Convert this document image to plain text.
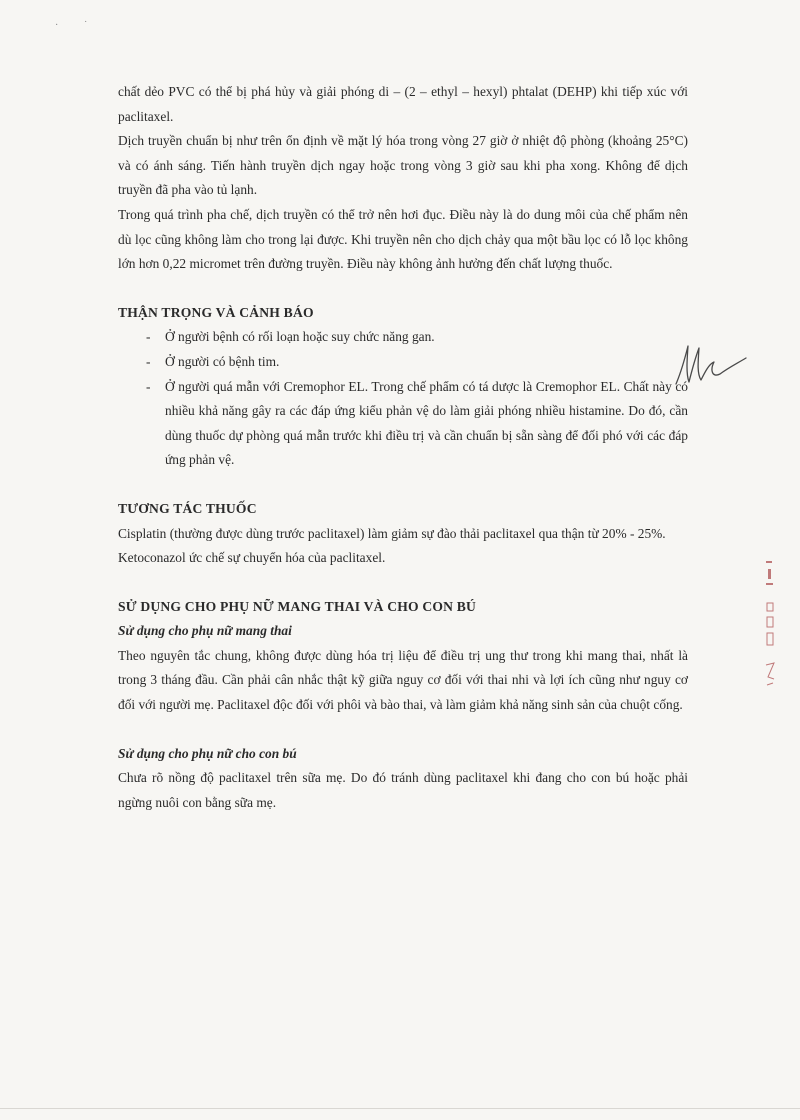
·	˙

chất dẻo PVC có thể bị phá hủy và giải phóng di – (2 – ethyl – hexyl) phtalat (DEHP) khi tiếp xúc với paclitaxel.

Dịch truyền chuẩn bị như trên ổn định về mặt lý hóa trong vòng 27 giờ ở nhiệt độ phòng (khoảng 25°C) và có ánh sáng. Tiến hành truyền dịch ngay hoặc trong vòng 3 giờ sau khi pha xong. Không để dịch truyền đã pha vào tủ lạnh.

Trong quá trình pha chế, dịch truyền có thể trở nên hơi đục. Điều này là do dung môi của chế phẩm nên dù lọc cũng không làm cho trong lại được. Khi truyền nên cho dịch chảy qua một bầu lọc có lỗ lọc không lớn hơn 0,22 micromet trên đường truyền. Điều này không ảnh hưởng đến chất lượng thuốc.

THẬN TRỌNG VÀ CẢNH BÁO
- Ở người bệnh có rối loạn hoặc suy chức năng gan.
- Ở người có bệnh tim.
- Ở người quá mẫn với Cremophor EL. Trong chế phẩm có tá dược là Cremophor EL. Chất này có nhiều khả năng gây ra các đáp ứng kiểu phản vệ do làm giải phóng nhiều histamine. Do đó, cần dùng thuốc dự phòng quá mẫn trước khi điều trị và cần chuẩn bị sẵn sàng để đối phó với các đáp ứng phản vệ.
TƯƠNG TÁC THUỐC

Cisplatin (thường được dùng trước paclitaxel) làm giảm sự đào thải paclitaxel qua thận từ 20% - 25%.

Ketoconazol ức chế sự chuyển hóa của paclitaxel.

SỬ DỤNG CHO PHỤ NỮ MANG THAI VÀ CHO CON BÚ

Sử dụng cho phụ nữ mang thai

Theo nguyên tắc chung, không được dùng hóa trị liệu để điều trị ung thư trong khi mang thai, nhất là trong 3 tháng đầu. Cần phải cân nhắc thật kỹ giữa nguy cơ đối với thai nhi và lợi ích cũng như nguy cơ đối với người mẹ. Paclitaxel độc đối với phôi và bào thai, và làm giảm khả năng sinh sản của chuột cống.

Sử dụng cho phụ nữ cho con bú

Chưa rõ nồng độ paclitaxel trên sữa mẹ. Do đó tránh dùng paclitaxel khi đang cho con bú hoặc phải ngừng nuôi con bằng sữa mẹ.
